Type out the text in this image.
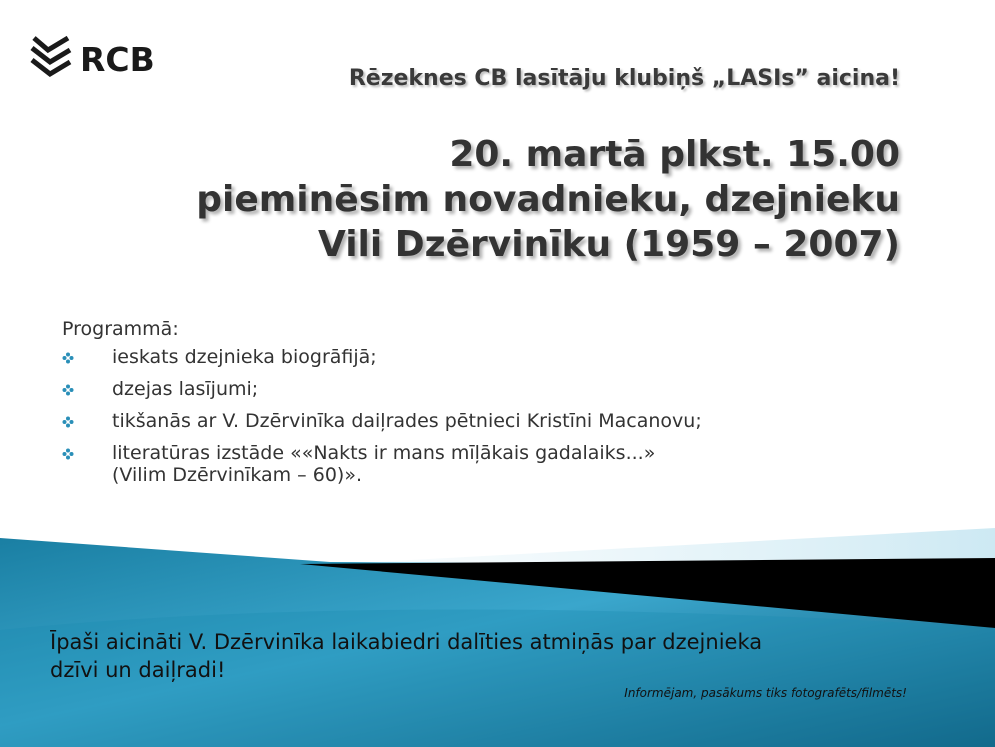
RCB	Rēzeknes CB lasītāju klubiņš „LASIs” aicina!
20. martā plkst. 15.00
pieminēsim novadnieku, dzejnieku
Vili Dzērvinīku (1959 – 2007)
Programmā:
ieskats dzejnieka biogrāfijā;
dzejas lasījumi;
tikšanās ar V. Dzērvinīka daiļrades pētnieci Kristīni Macanovu;
literatūras izstāde ««Nakts ir mans mīļākais gadalaiks...»
(Vilim Dzērvinīkam – 60)».
Īpaši aicināti V. Dzērvinīka laikabiedri dalīties atmiņās par dzejnieka
dzīvi un daiļradi!
Informējam, pasākums tiks fotografēts/filmēts!
